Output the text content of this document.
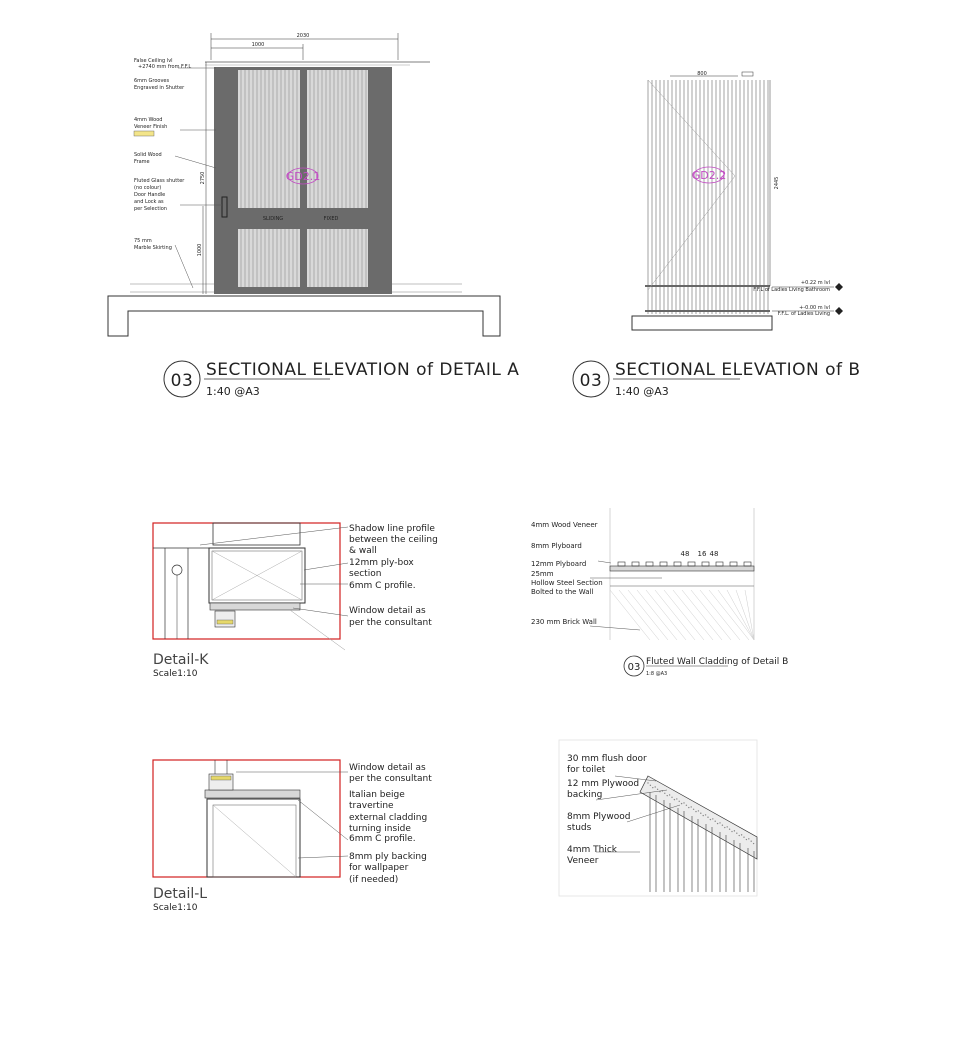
SLIDING	FIXED
GD2.1
2030
1000
2750
1000
False Ceiling lvl
+2740 mm from F.F.L
6mm Grooves
Engraved in Shutter
4mm Wood
Veneer Finish
Solid Wood
Frame
Fluted Glass shutter
(no colour)
Door Handle
and Lock as
per Selection
75 mm
Marble Skirting
03
SECTIONAL ELEVATION of DETAIL A
1:40 @A3
GD2.2
800
2445
+0.22 m lvl
F.F.L of Ladies Living Bathroom
+-0.00 m lvl
F.F.L. of Ladies Living
03
SECTIONAL ELEVATION of B
1:40 @A3
Shadow line profile
between the ceiling
& wall
12mm ply-box
section
6mm C profile.
Window detail as
per the consultant
Detail-K
Scale1:10
48 16 48
4mm Wood Veneer
8mm Plyboard
12mm Plyboard
25mm
Hollow Steel Section
Bolted to the Wall
230 mm Brick Wall
03 Fluted Wall Cladding of Detail B
1:8 @A3
Window detail as
per the consultant
Italian beige
travertine
external cladding
turning inside
6mm C profile.
8mm ply backing
for wallpaper
(if needed)
Detail-L
Scale1:10
30 mm flush door
for toilet
12 mm Plywood
backing
8mm Plywood
studs
4mm Thick
Veneer
